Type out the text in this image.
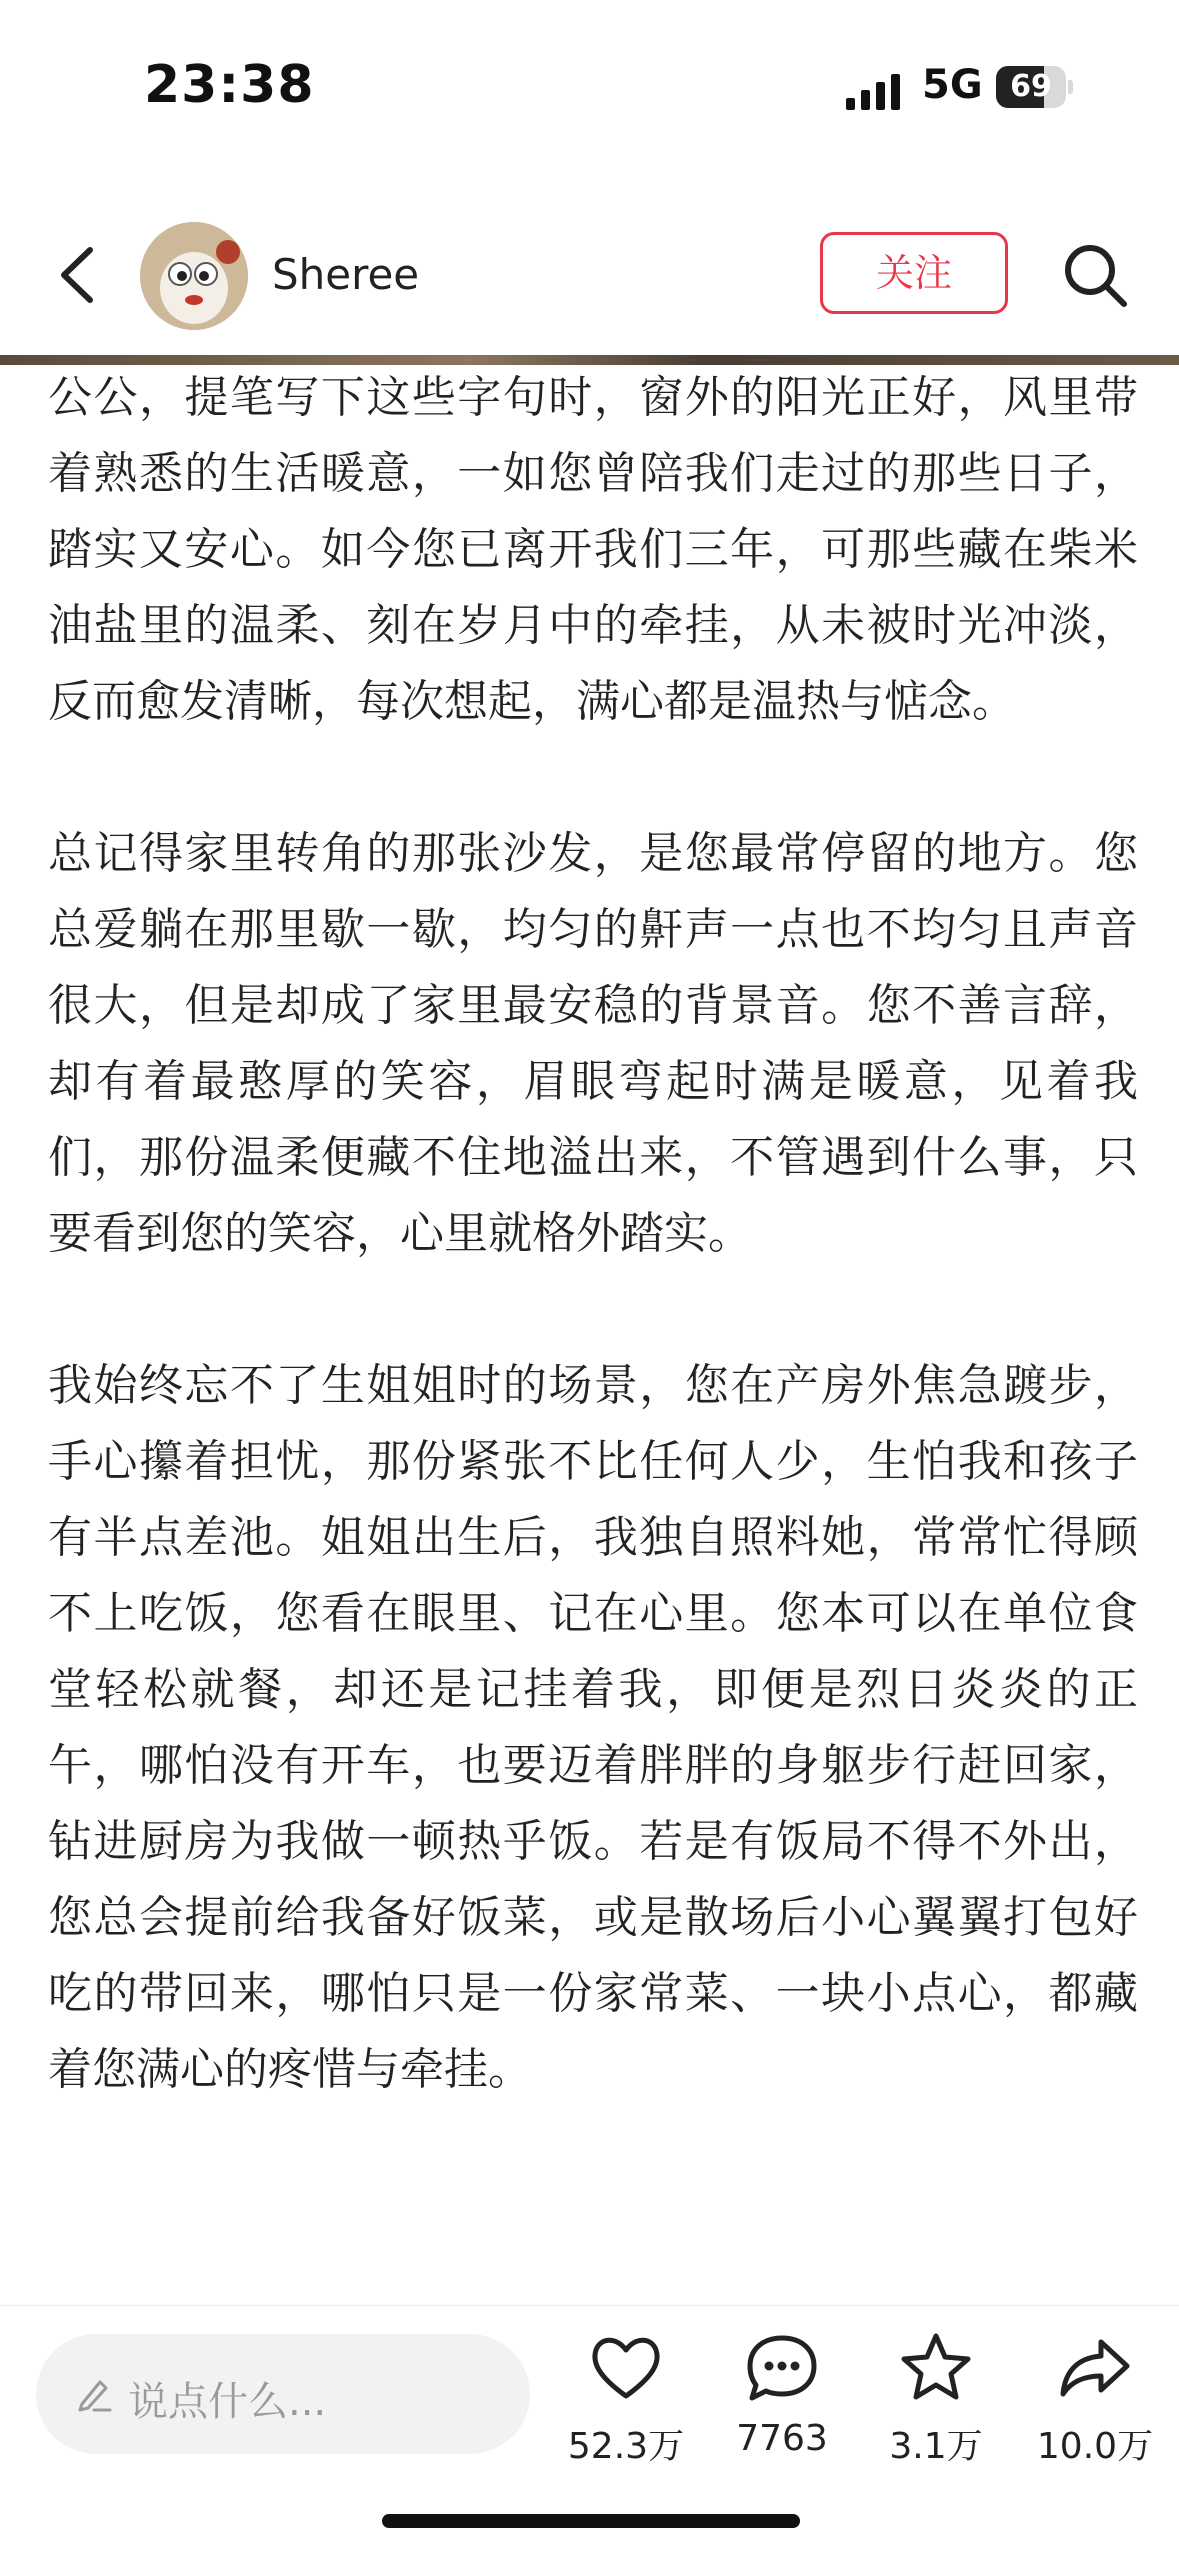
23:38	5G 69
Sheree	关注

公公，提笔写下这些字句时，窗外的阳光正好，风里带着熟悉的生活暖意，一如您曾陪我们走过的那些日子，踏实又安心。如今您已离开我们三年，可那些藏在柴米油盐里的温柔、刻在岁月中的牵挂，从未被时光冲淡，反而愈发清晰，每次想起，满心都是温热与惦念。

总记得家里转角的那张沙发，是您最常停留的地方。您总爱躺在那里歇一歇，均匀的鼾声一点也不均匀且声音很大，但是却成了家里最安稳的背景音。您不善言辞，却有着最憨厚的笑容，眉眼弯起时满是暖意，见着我们，那份温柔便藏不住地溢出来，不管遇到什么事，只要看到您的笑容，心里就格外踏实。

我始终忘不了生姐姐时的场景，您在产房外焦急踱步，手心攥着担忧，那份紧张不比任何人少，生怕我和孩子有半点差池。姐姐出生后，我独自照料她，常常忙得顾不上吃饭，您看在眼里、记在心里。您本可以在单位食堂轻松就餐，却还是记挂着我，即便是烈日炎炎的正午，哪怕没有开车，也要迈着胖胖的身躯步行赶回家，钻进厨房为我做一顿热乎饭。若是有饭局不得不外出，您总会提前给我备好饭菜，或是散场后小心翼翼打包好吃的带回来，哪怕只是一份家常菜、一块小点心，都藏着您满心的疼惜与牵挂。

说点什么...
52.3万	7763	3.1万	10.0万
